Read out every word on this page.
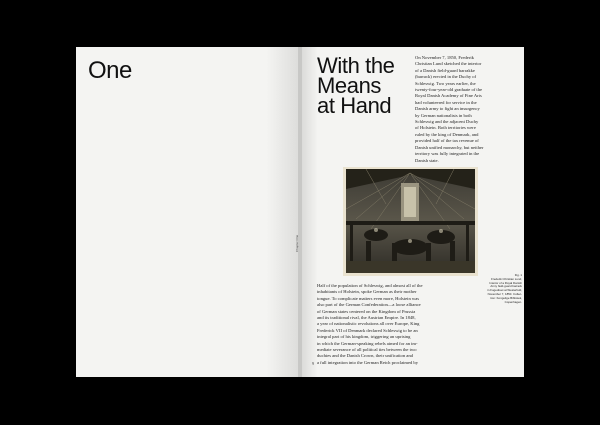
One
Chapter One
With the
Means
at Hand
On November 7, 1850, Frederik
Christian Lund sketched the interior
of a Danish field-guard barrakke
(barrack) erected in the Duchy of
Schleswig. Two years earlier, the
twenty-four-year-old graduate of the
Royal Danish Academy of Fine Arts
had volunteered for service in the
Danish army to fight an insurgency
by German nationalists in both
Schleswig and the adjacent Duchy
of Holstein. Both territories were
ruled by the king of Denmark, and
provided half of the tax revenue of
Danish unified monarchy, but neither
territory was fully integrated in the
Danish state.
Fig. 1
Frederik Christian Lund,
Interior of a Royal Danish
Army field-guard barrack
in Fugedreet at Westerfeld,
November 7, 1850. Collec-
tion: Kongelige Bibliotek,
Copenhagen.
Half of the population of Schleswig, and almost all of the
inhabitants of Holstein, spoke German as their mother
tongue. To complicate matters even more, Holstein was
also part of the German Confederation—a loose alliance
of German states centered on the Kingdom of Prussia
and its traditional rival, the Austrian Empire. In 1848,
a year of nationalistic revolutions all over Europe, King
Frederick VII of Denmark declared Schleswig to be an
integral part of his kingdom, triggering an uprising
in which the German-speaking rebels aimed for an im-
mediate severance of all political ties between the two
duchies and the Danish Crown, their unification and
a full integration into the German Reich proclaimed by
9
